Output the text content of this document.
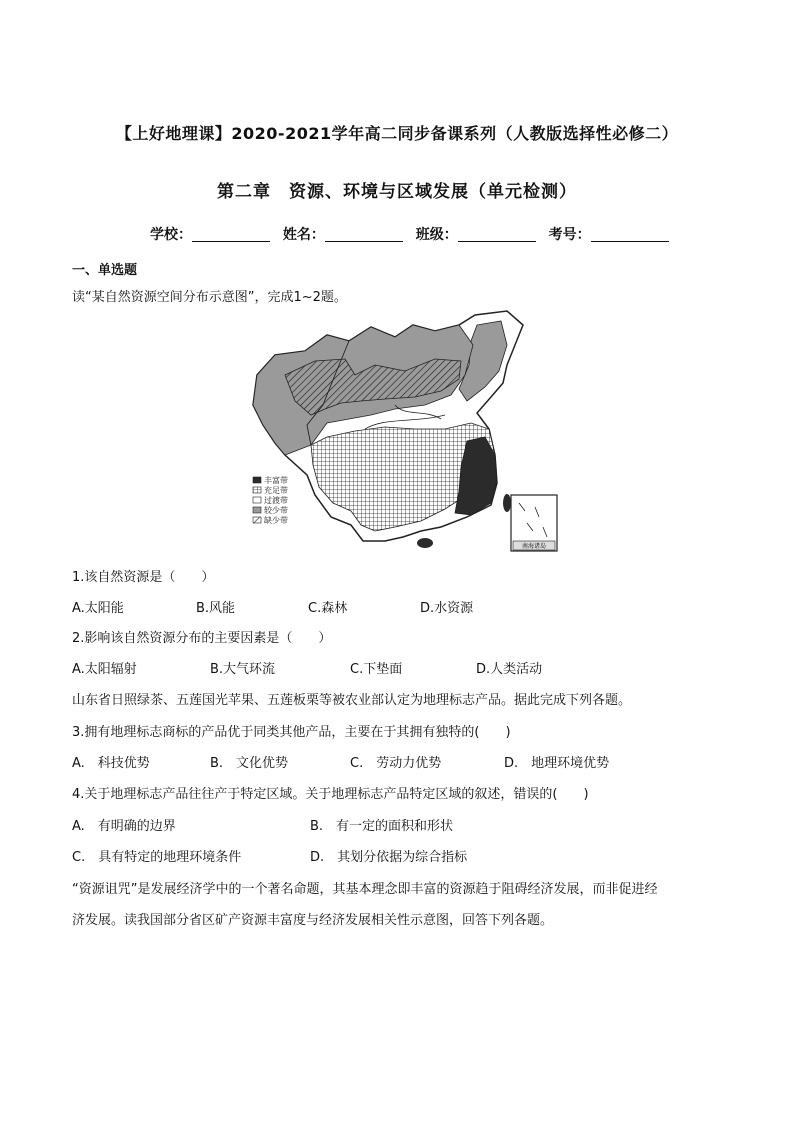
【上好地理课】2020-2021学年高二同步备课系列（人教版选择性必修二）
第二章　资源、环境与区域发展（单元检测）
学校：	姓名：	班级：	考号：
一、单选题
读“某自然资源空间分布示意图”，完成1~2题。
丰富带
充足带
过渡带
较少带
缺少带
南海诸岛
1.该自然资源是（　　）
A.太阳能	B.风能	C.森林	D.水资源
2.影响该自然资源分布的主要因素是（　　）
A.太阳辐射	B.大气环流	C.下垫面	D.人类活动
山东省日照绿茶、五莲国光苹果、五莲板栗等被农业部认定为地理标志产品。据此完成下列各题。
3.拥有地理标志商标的产品优于同类其他产品，主要在于其拥有独特的(　　)
A.　科技优势	B.　文化优势	C.　劳动力优势	D.　地理环境优势
4.关于地理标志产品往往产于特定区域。关于地理标志产品特定区域的叙述，错误的(　　)
A.　有明确的边界	B.　有一定的面积和形状
C.　具有特定的地理环境条件	D.　其划分依据为综合指标
“资源诅咒”是发展经济学中的一个著名命题，其基本理念即丰富的资源趋于阻碍经济发展，而非促进经
济发展。读我国部分省区矿产资源丰富度与经济发展相关性示意图，回答下列各题。
